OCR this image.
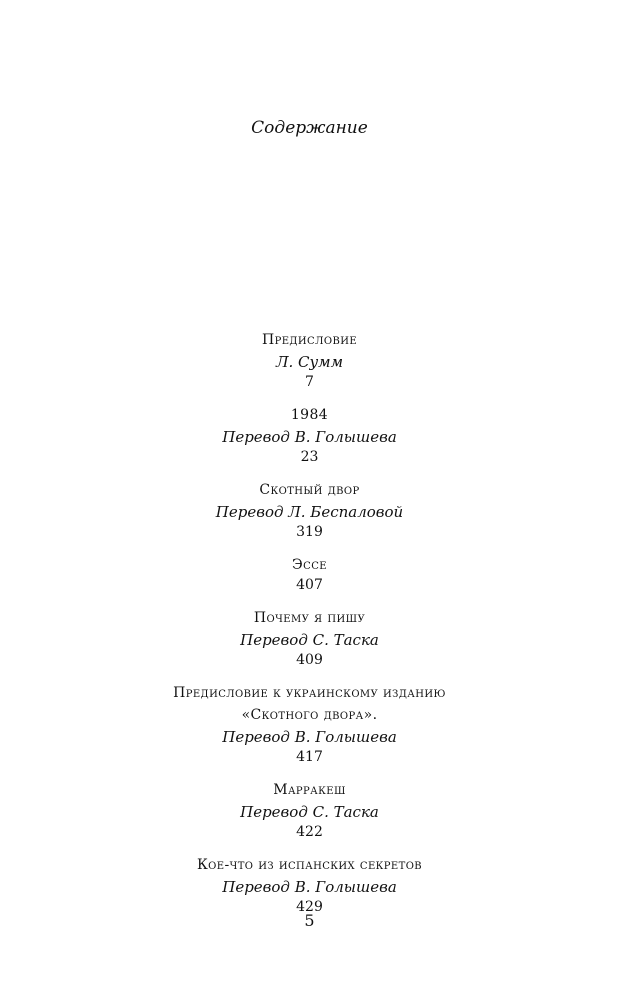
Содержание
Предисловие
Л. Сумм
7
1984
Перевод В. Голышева
23
Скотный двор
Перевод Л. Беспаловой
319
Эссе
407
Почему я пишу
Перевод С. Таска
409
Предисловие к украинскому изданию
«Скотного двора».
Перевод В. Голышева
417
Марракеш
Перевод С. Таска
422
Кое-что из испанских секретов
Перевод В. Голышева
429
5
